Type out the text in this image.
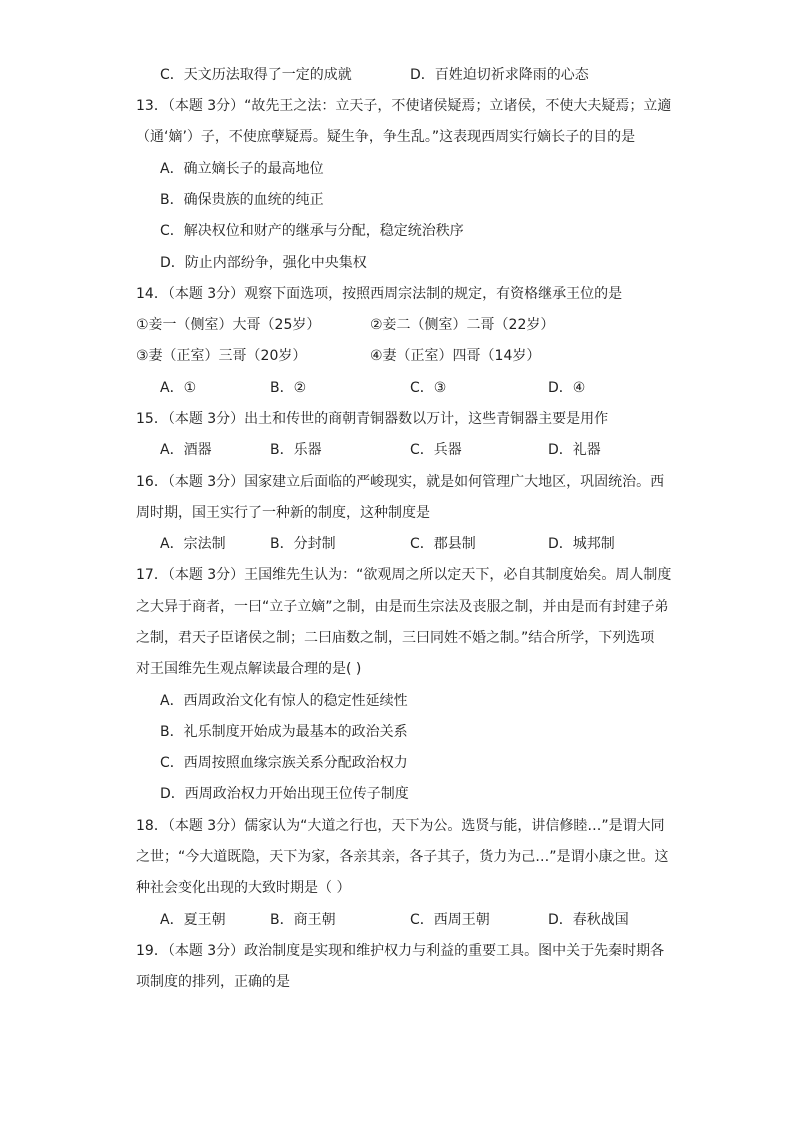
C．天文历法取得了一定的成就	D．百姓迫切祈求降雨的心态
13．（本题 3分）“故先王之法：立天子，不使诸侯疑焉；立诸侯，不使大夫疑焉；立適
（通‘嫡’）子，不使庶孽疑焉。疑生争，争生乱。”这表现西周实行嫡长子的目的是
A．确立嫡长子的最高地位
B．确保贵族的血统的纯正
C．解决权位和财产的继承与分配，稳定统治秩序
D．防止内部纷争，强化中央集权
14．（本题 3分）观察下面选项，按照西周宗法制的规定，有资格继承王位的是
①妾一（侧室）大哥（25岁）	②妾二（侧室）二哥（22岁）
③妻（正室）三哥（20岁）	④妻（正室）四哥（14岁）
A．①	B．②	C．③	D．④
15．（本题 3分）出土和传世的商朝青铜器数以万计，这些青铜器主要是用作
A．酒器	B．乐器	C．兵器	D．礼器
16．（本题 3分）国家建立后面临的严峻现实，就是如何管理广大地区，巩固统治。西
周时期，国王实行了一种新的制度，这种制度是
A．宗法制	B．分封制	C．郡县制	D．城邦制
17．（本题 3分）王国维先生认为：“欲观周之所以定天下，必自其制度始矣。周人制度
之大异于商者，一曰“立子立嫡”之制，由是而生宗法及丧服之制，并由是而有封建子弟
之制，君天子臣诸侯之制；二曰庙数之制，三曰同姓不婚之制。”结合所学，下列选项
对王国维先生观点解读最合理的是( )
A．西周政治文化有惊人的稳定性延续性
B．礼乐制度开始成为最基本的政治关系
C．西周按照血缘宗族关系分配政治权力
D．西周政治权力开始出现王位传子制度
18．（本题 3分）儒家认为“大道之行也，天下为公。选贤与能，讲信修睦…”是谓大同
之世；“今大道既隐，天下为家，各亲其亲，各子其子，货力为己…”是谓小康之世。这
种社会变化出现的大致时期是（ ）
A．夏王朝	B．商王朝	C．西周王朝	D．春秋战国
19．（本题 3分）政治制度是实现和维护权力与利益的重要工具。图中关于先秦时期各
项制度的排列，正确的是
